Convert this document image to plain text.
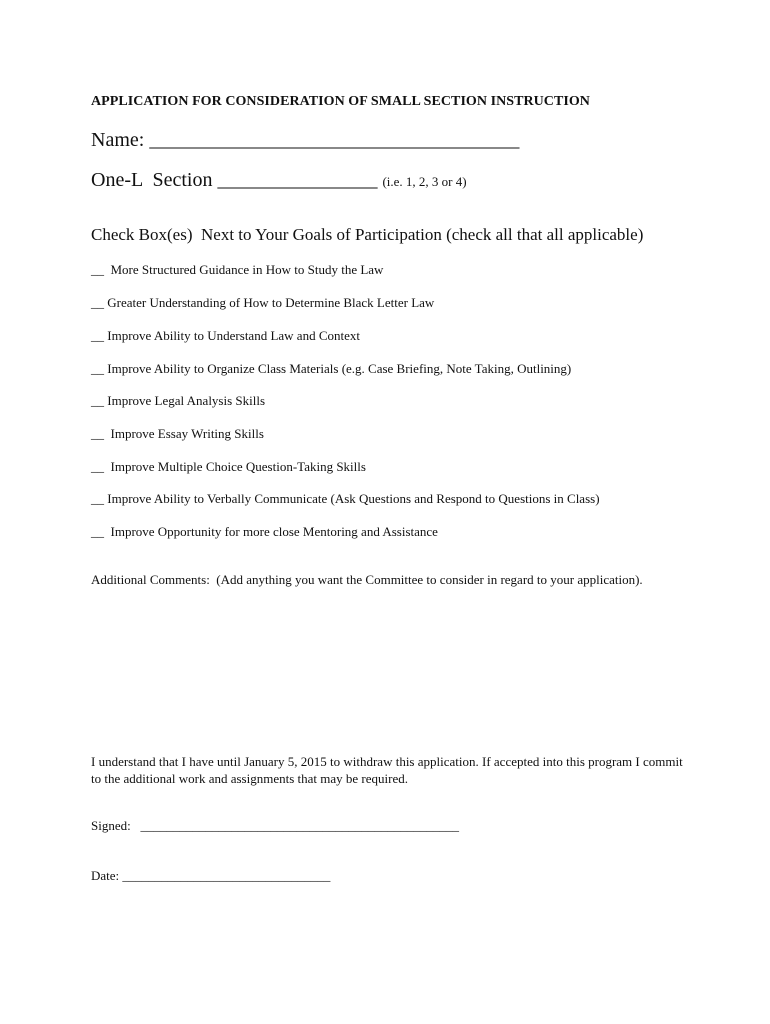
APPLICATION FOR CONSIDERATION OF SMALL SECTION INSTRUCTION
Name: _____________________________________
One-L  Section ________________ (i.e. 1, 2, 3 or 4)
Check Box(es)  Next to Your Goals of Participation (check all that all applicable)
__  More Structured Guidance in How to Study the Law
__ Greater Understanding of How to Determine Black Letter Law
__ Improve Ability to Understand Law and Context
__ Improve Ability to Organize Class Materials (e.g. Case Briefing, Note Taking, Outlining)
__ Improve Legal Analysis Skills
__  Improve Essay Writing Skills
__  Improve Multiple Choice Question-Taking Skills
__ Improve Ability to Verbally Communicate (Ask Questions and Respond to Questions in Class)
__  Improve Opportunity for more close Mentoring and Assistance
Additional Comments:  (Add anything you want the Committee to consider in regard to your application).
I understand that I have until January 5, 2015 to withdraw this application. If accepted into this program I commit to the additional work and assignments that may be required.
Signed:   _________________________________________________
Date: ________________________________
